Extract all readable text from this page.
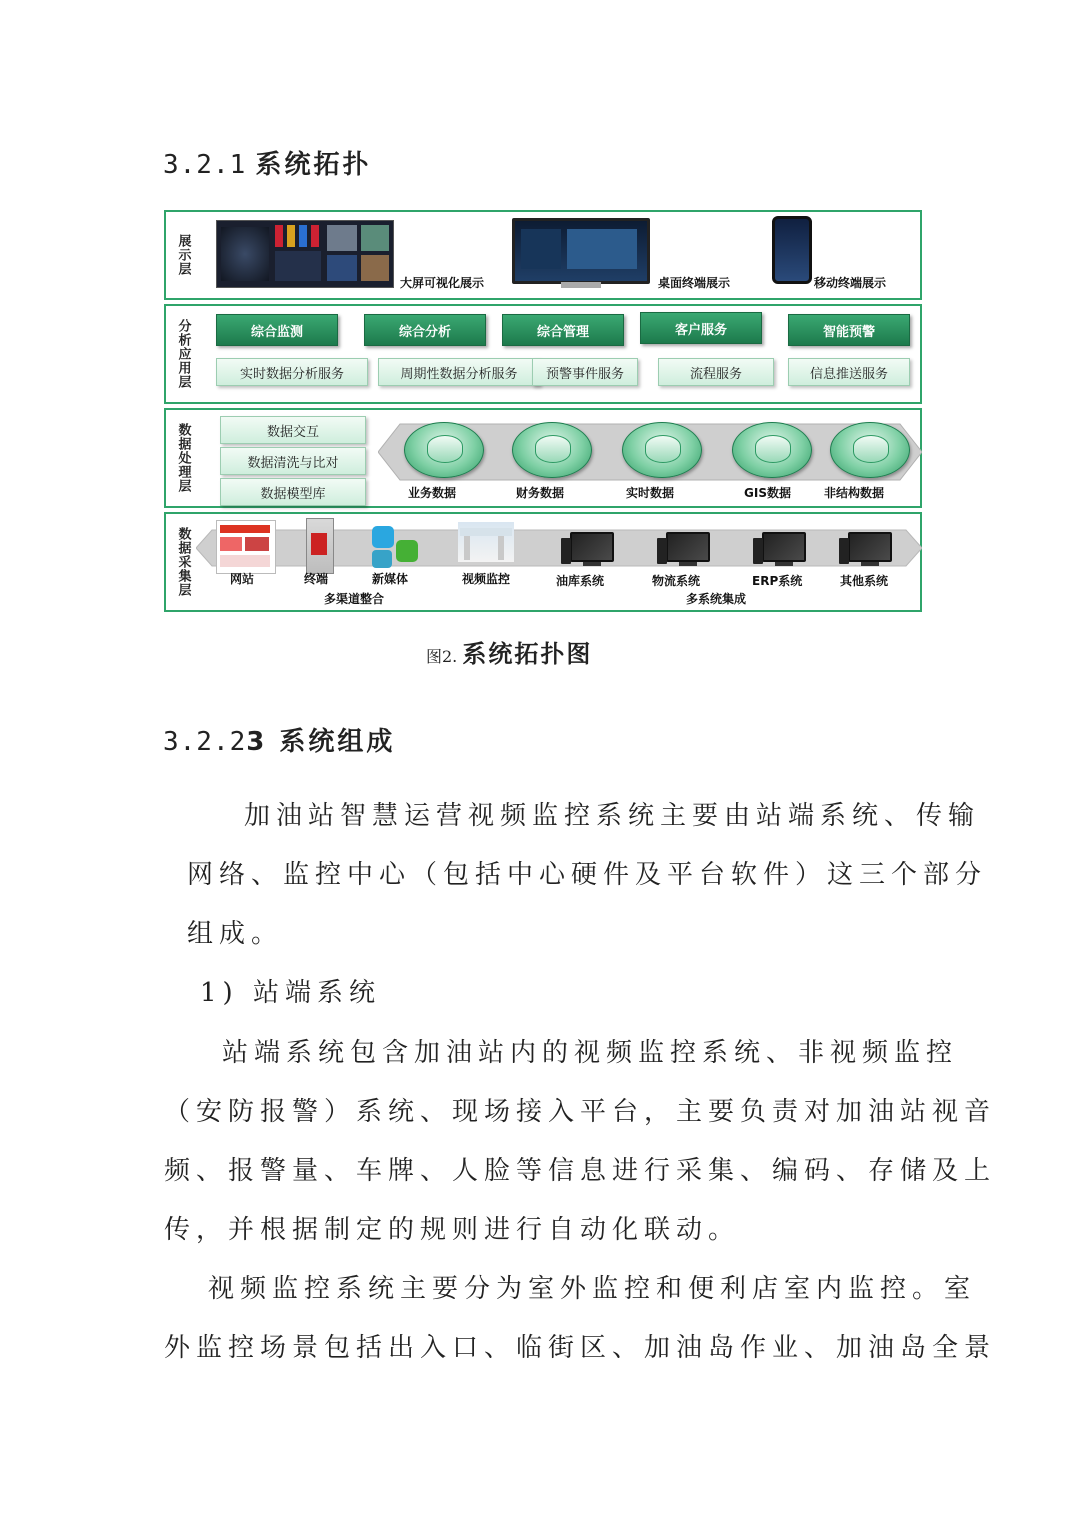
3.2.1 系统拓扑
展示层
大屏可视化展示	桌面终端展示	移动终端展示
分析应用层	综合监测	综合分析	综合管理	客户服务	智能预警
实时数据分析服务	周期性数据分析服务	预警事件服务	流程服务	信息推送服务
数据处理层	数据交互
数据清洗与比对
数据模型库	业务数据	财务数据	实时数据	GIS数据	非结构数据
数据采集层	网站	终端	新媒体	视频监控
多渠道整合
油库系统	物流系统	ERP系统	其他系统
多系统集成
图2. 系统拓扑图
3.2.23 系统组成
加油站智慧运营视频监控系统主要由站端系统、传输
网络、监控中心（包括中心硬件及平台软件）这三个部分
组成。
1) 站端系统
站端系统包含加油站内的视频监控系统、非视频监控
（安防报警）系统、现场接入平台，主要负责对加油站视音
频、报警量、车牌、人脸等信息进行采集、编码、存储及上
传，并根据制定的规则进行自动化联动。
视频监控系统主要分为室外监控和便利店室内监控。室
外监控场景包括出入口、临街区、加油岛作业、加油岛全景
